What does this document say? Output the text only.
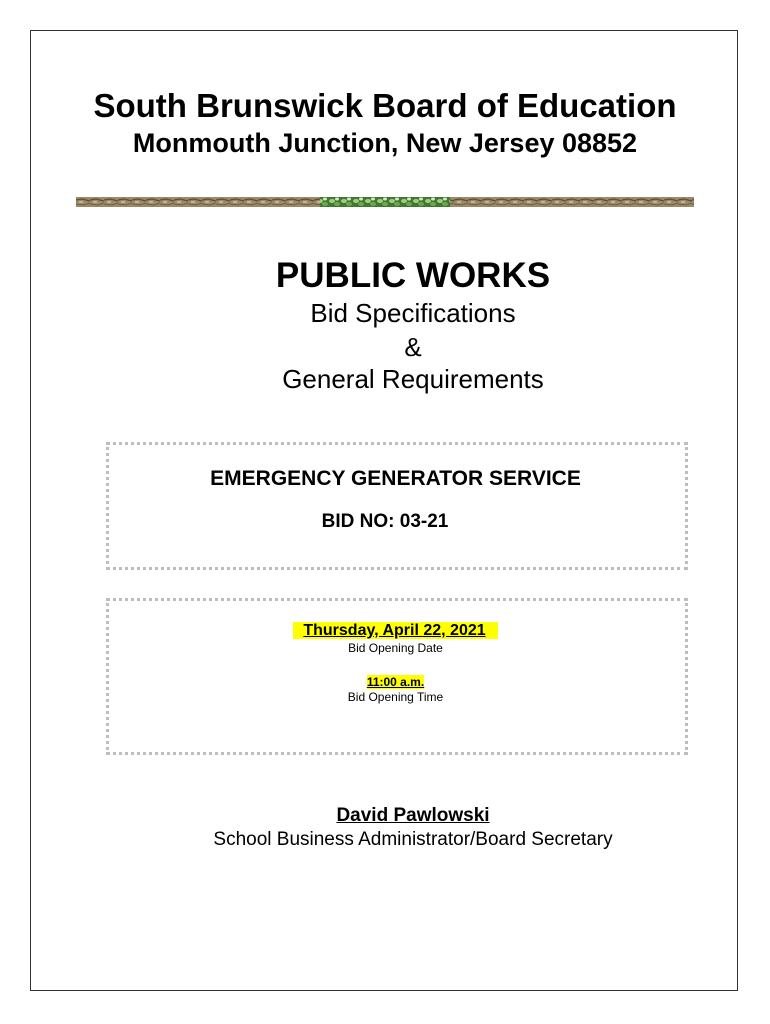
South Brunswick Board of Education
Monmouth Junction, New Jersey 08852
PUBLIC WORKS
Bid Specifications
&
General Requirements
EMERGENCY GENERATOR SERVICE
BID NO: 03-21
Thursday, April 22, 2021
Bid Opening Date
11:00 a.m.
Bid Opening Time
David Pawlowski
School Business Administrator/Board Secretary
